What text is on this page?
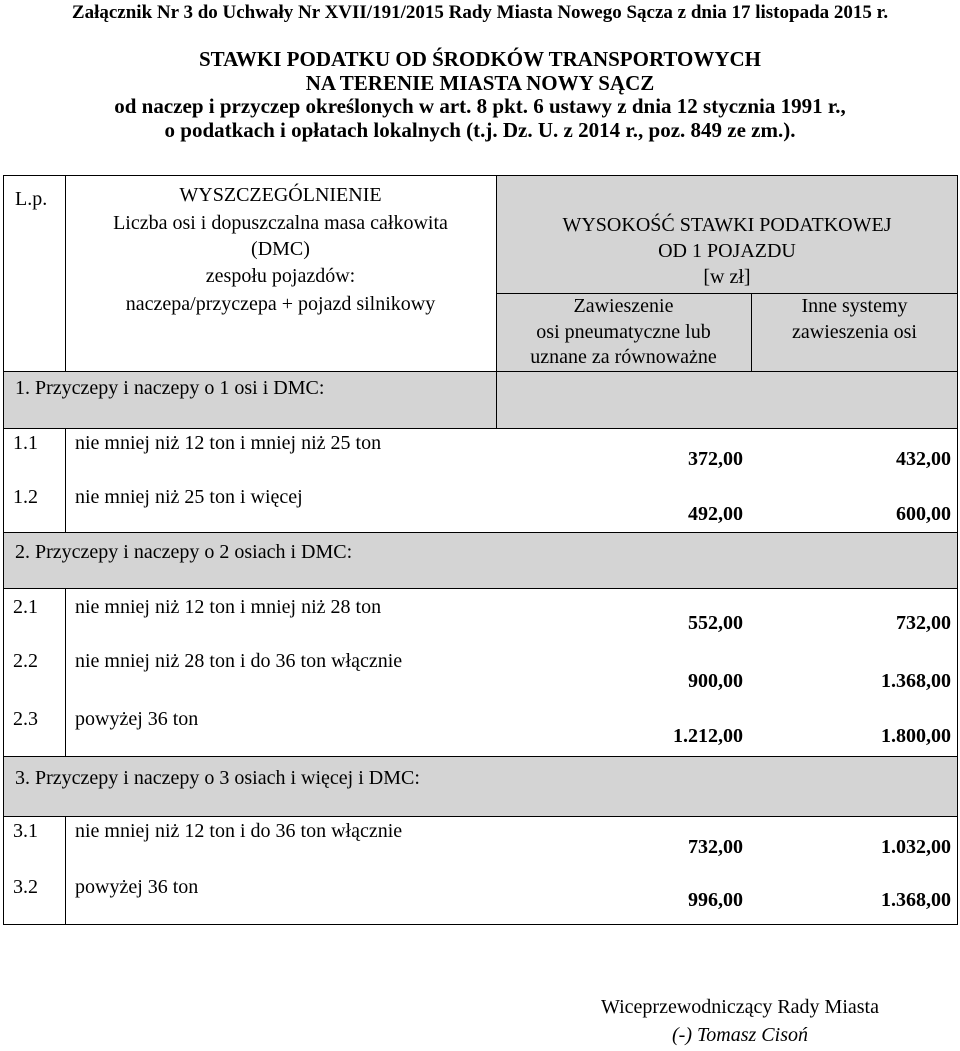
Załącznik Nr 3 do Uchwały Nr XVII/191/2015 Rady Miasta Nowego Sącza z dnia 17 listopada 2015 r.
STAWKI PODATKU OD ŚRODKÓW TRANSPORTOWYCH
NA TERENIE MIASTA NOWY SĄCZ
od naczep i przyczep określonych w art. 8 pkt. 6 ustawy z dnia 12 stycznia 1991 r.,
o podatkach i opłatach lokalnych (t.j. Dz. U. z 2014 r., poz. 849 ze zm.).
L.p.	WYSZCZEGÓLNIENIE
Liczba osi i dopuszczalna masa całkowita
(DMC)
zespołu pojazdów:
naczepa/przyczepa + pojazd silnikowy
WYSOKOŚĆ STAWKI PODATKOWEJ
OD 1 POJAZDU
[w zł]
Zawieszenie
osi pneumatyczne lub
uznane za równoważne
Inne systemy
zawieszenia osi
1. Przyczepy i naczepy o 1 osi i DMC:
1.1 nie mniej niż 12 ton i mniej niż 25 ton
372,00	432,00
1.2 nie mniej niż 25 ton i więcej
492,00	600,00
2. Przyczepy i naczepy o 2 osiach i DMC:
2.1 nie mniej niż 12 ton i mniej niż 28 ton
552,00	732,00
2.2 nie mniej niż 28 ton i do 36 ton włącznie
900,00	1.368,00
2.3 powyżej 36 ton
1.212,00	1.800,00
3. Przyczepy i naczepy o 3 osiach i więcej i DMC:
3.1 nie mniej niż 12 ton i do 36 ton włącznie
732,00	1.032,00
3.2 powyżej 36 ton
996,00	1.368,00
Wiceprzewodniczący Rady Miasta
(-) Tomasz Cisoń
